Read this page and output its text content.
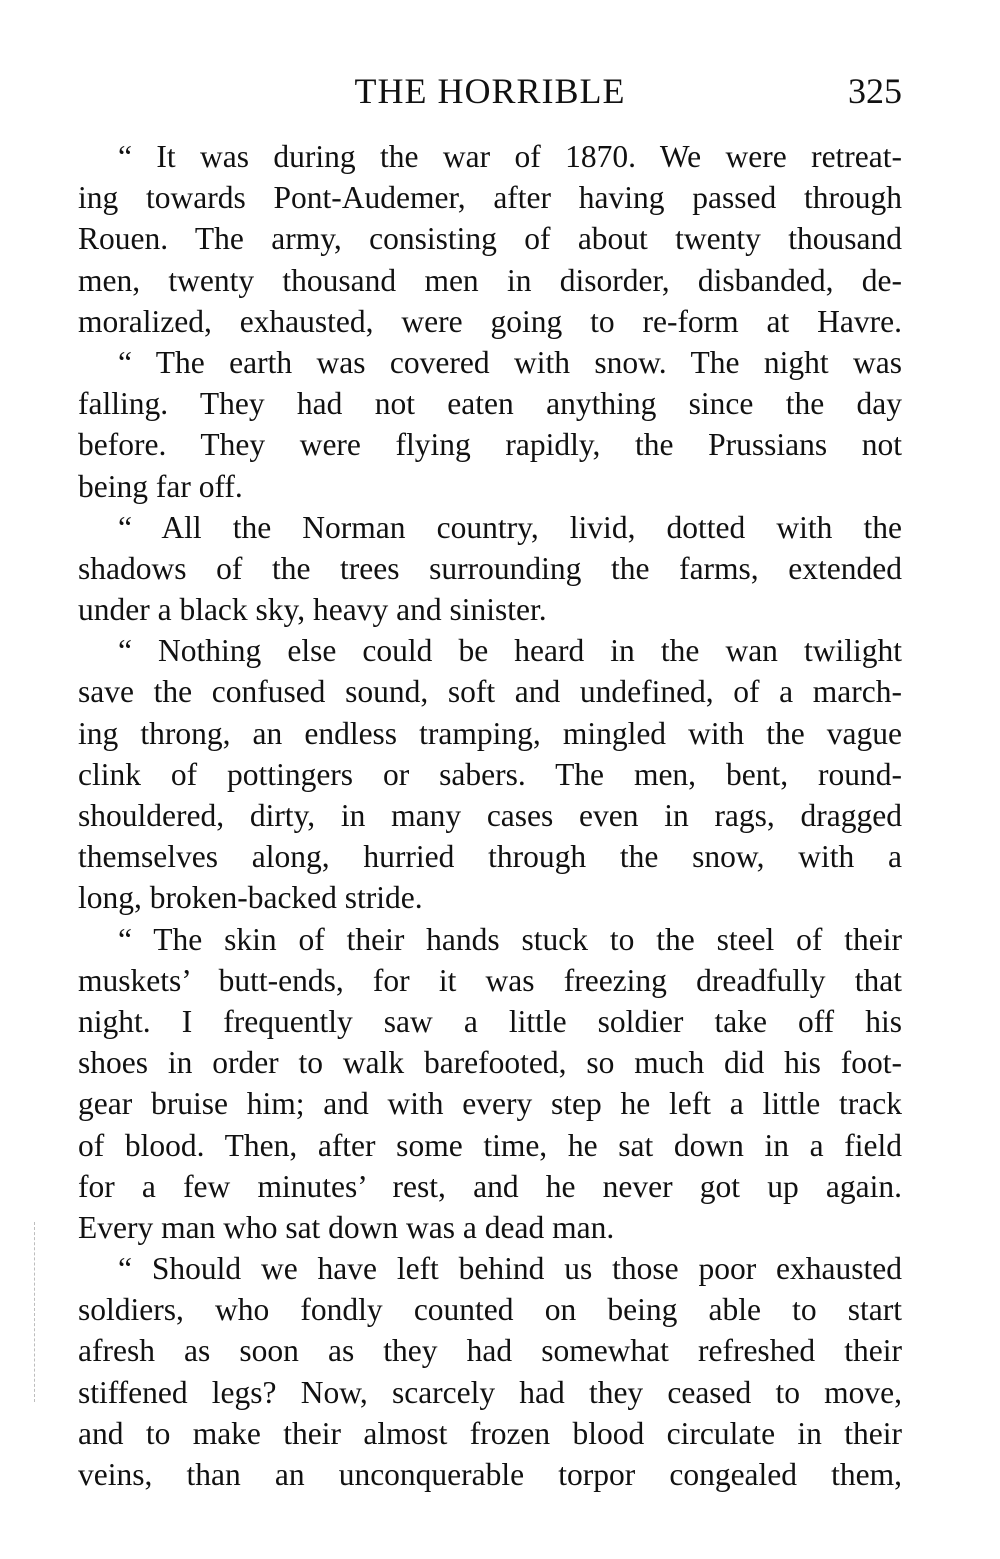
THE HORRIBLE	325
“ It was during the war of 1870. We were retreat-
ing towards Pont-Audemer, after having passed through
Rouen. The army, consisting of about twenty thousand
men, twenty thousand men in disorder, disbanded, de-
moralized, exhausted, were going to re-form at Havre.
“ The earth was covered with snow. The night was
falling. They had not eaten anything since the day
before. They were flying rapidly, the Prussians not
being far off.
“ All the Norman country, livid, dotted with the
shadows of the trees surrounding the farms, extended
under a black sky, heavy and sinister.
“ Nothing else could be heard in the wan twilight
save the confused sound, soft and undefined, of a march-
ing throng, an endless tramping, mingled with the vague
clink of pottingers or sabers. The men, bent, round-
shouldered, dirty, in many cases even in rags, dragged
themselves along, hurried through the snow, with a
long, broken-backed stride.
“ The skin of their hands stuck to the steel of their
muskets’ butt-ends, for it was freezing dreadfully that
night. I frequently saw a little soldier take off his
shoes in order to walk barefooted, so much did his foot-
gear bruise him; and with every step he left a little track
of blood. Then, after some time, he sat down in a field
for a few minutes’ rest, and he never got up again.
Every man who sat down was a dead man.
“ Should we have left behind us those poor exhausted
soldiers, who fondly counted on being able to start
afresh as soon as they had somewhat refreshed their
stiffened legs? Now, scarcely had they ceased to move,
and to make their almost frozen blood circulate in their
veins, than an unconquerable torpor congealed them,
